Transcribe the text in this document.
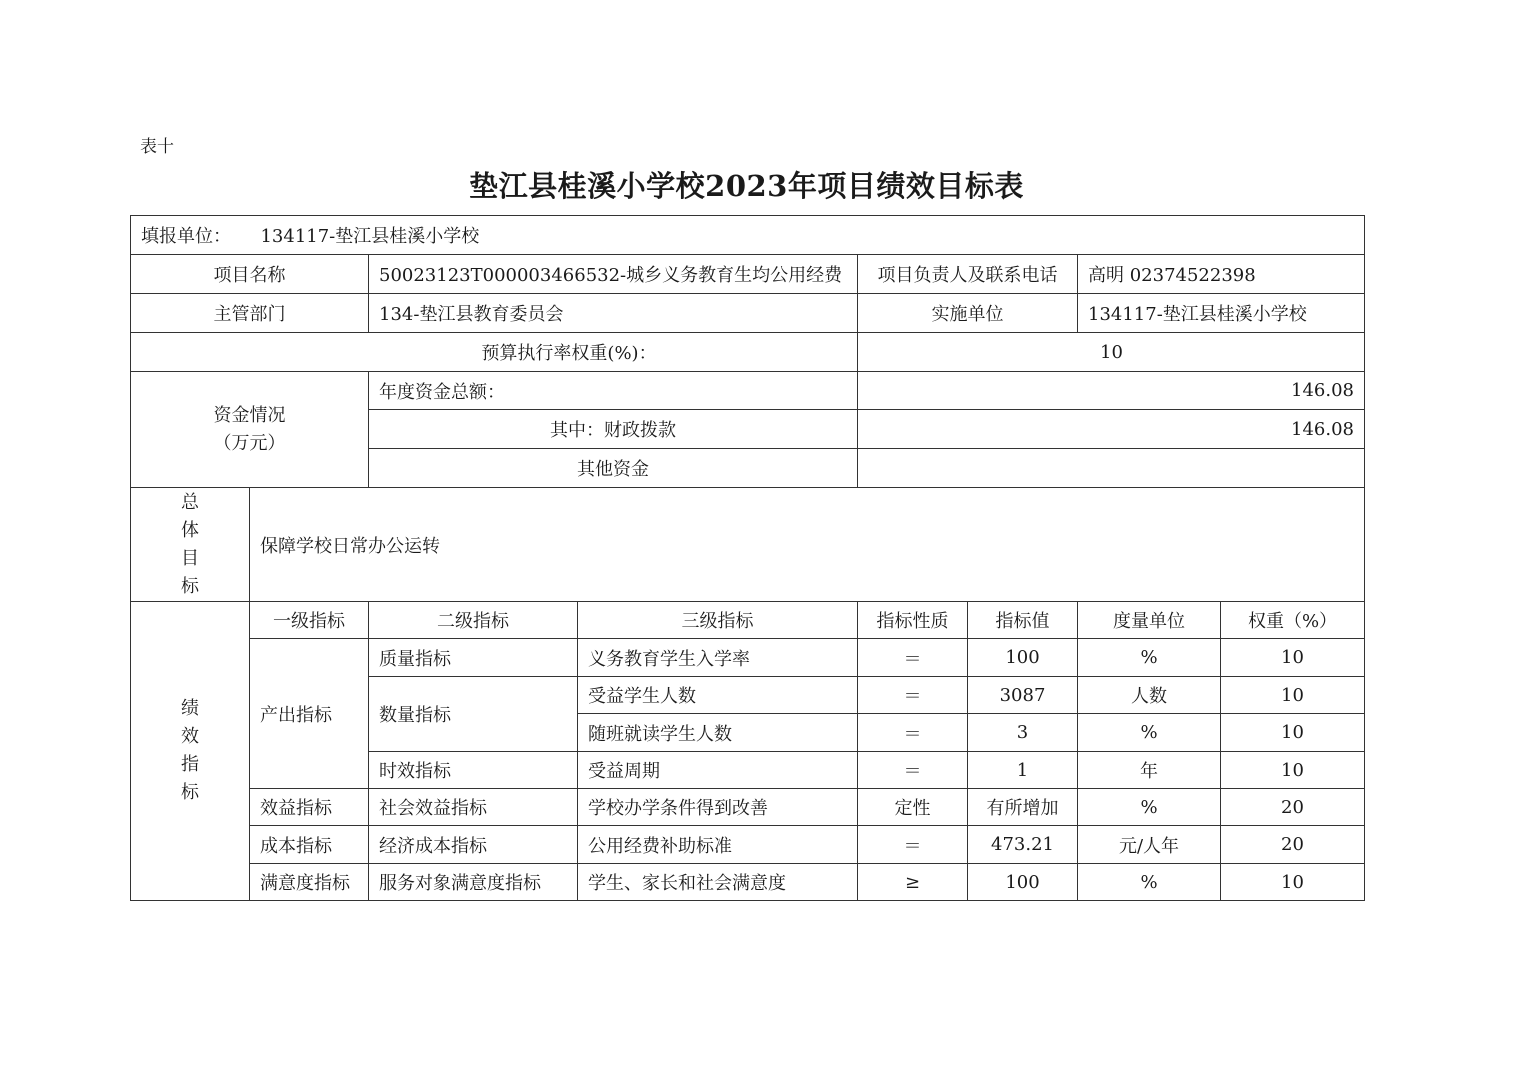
表十
垫江县桂溪小学校2023年项目绩效目标表
填报单位： 134117-垫江县桂溪小学校							
项目名称		50023123T000003466532-城乡义务教育生均公用经费		项目负责人及联系电话		高明 02374522398	
主管部门		134-垫江县教育委员会		实施单位		134117-垫江县桂溪小学校	
预算执行率权重(%)：				10			

资金情况
（万元）		年度资金总额：		146.08			
		其中：财政拨款		146.08			
		其他资金					

总
体
目
标	保障学校日常办公运转						

绩
效
指
标	一级指标	二级指标	三级指标	指标性质	指标值	度量单位	权重（%）
	产出指标	质量指标	义务教育学生入学率	＝	100	%	10
		数量指标	受益学生人数	＝	3087	人数	10
			随班就读学生人数	＝	3	%	10
		时效指标	受益周期	＝	1	年	10
	效益指标	社会效益指标	学校办学条件得到改善	定性	有所增加	%	20
	成本指标	经济成本指标	公用经费补助标准	＝	473.21	元/人年	20
	满意度指标	服务对象满意度指标	学生、家长和社会满意度	≥	100	%	10
